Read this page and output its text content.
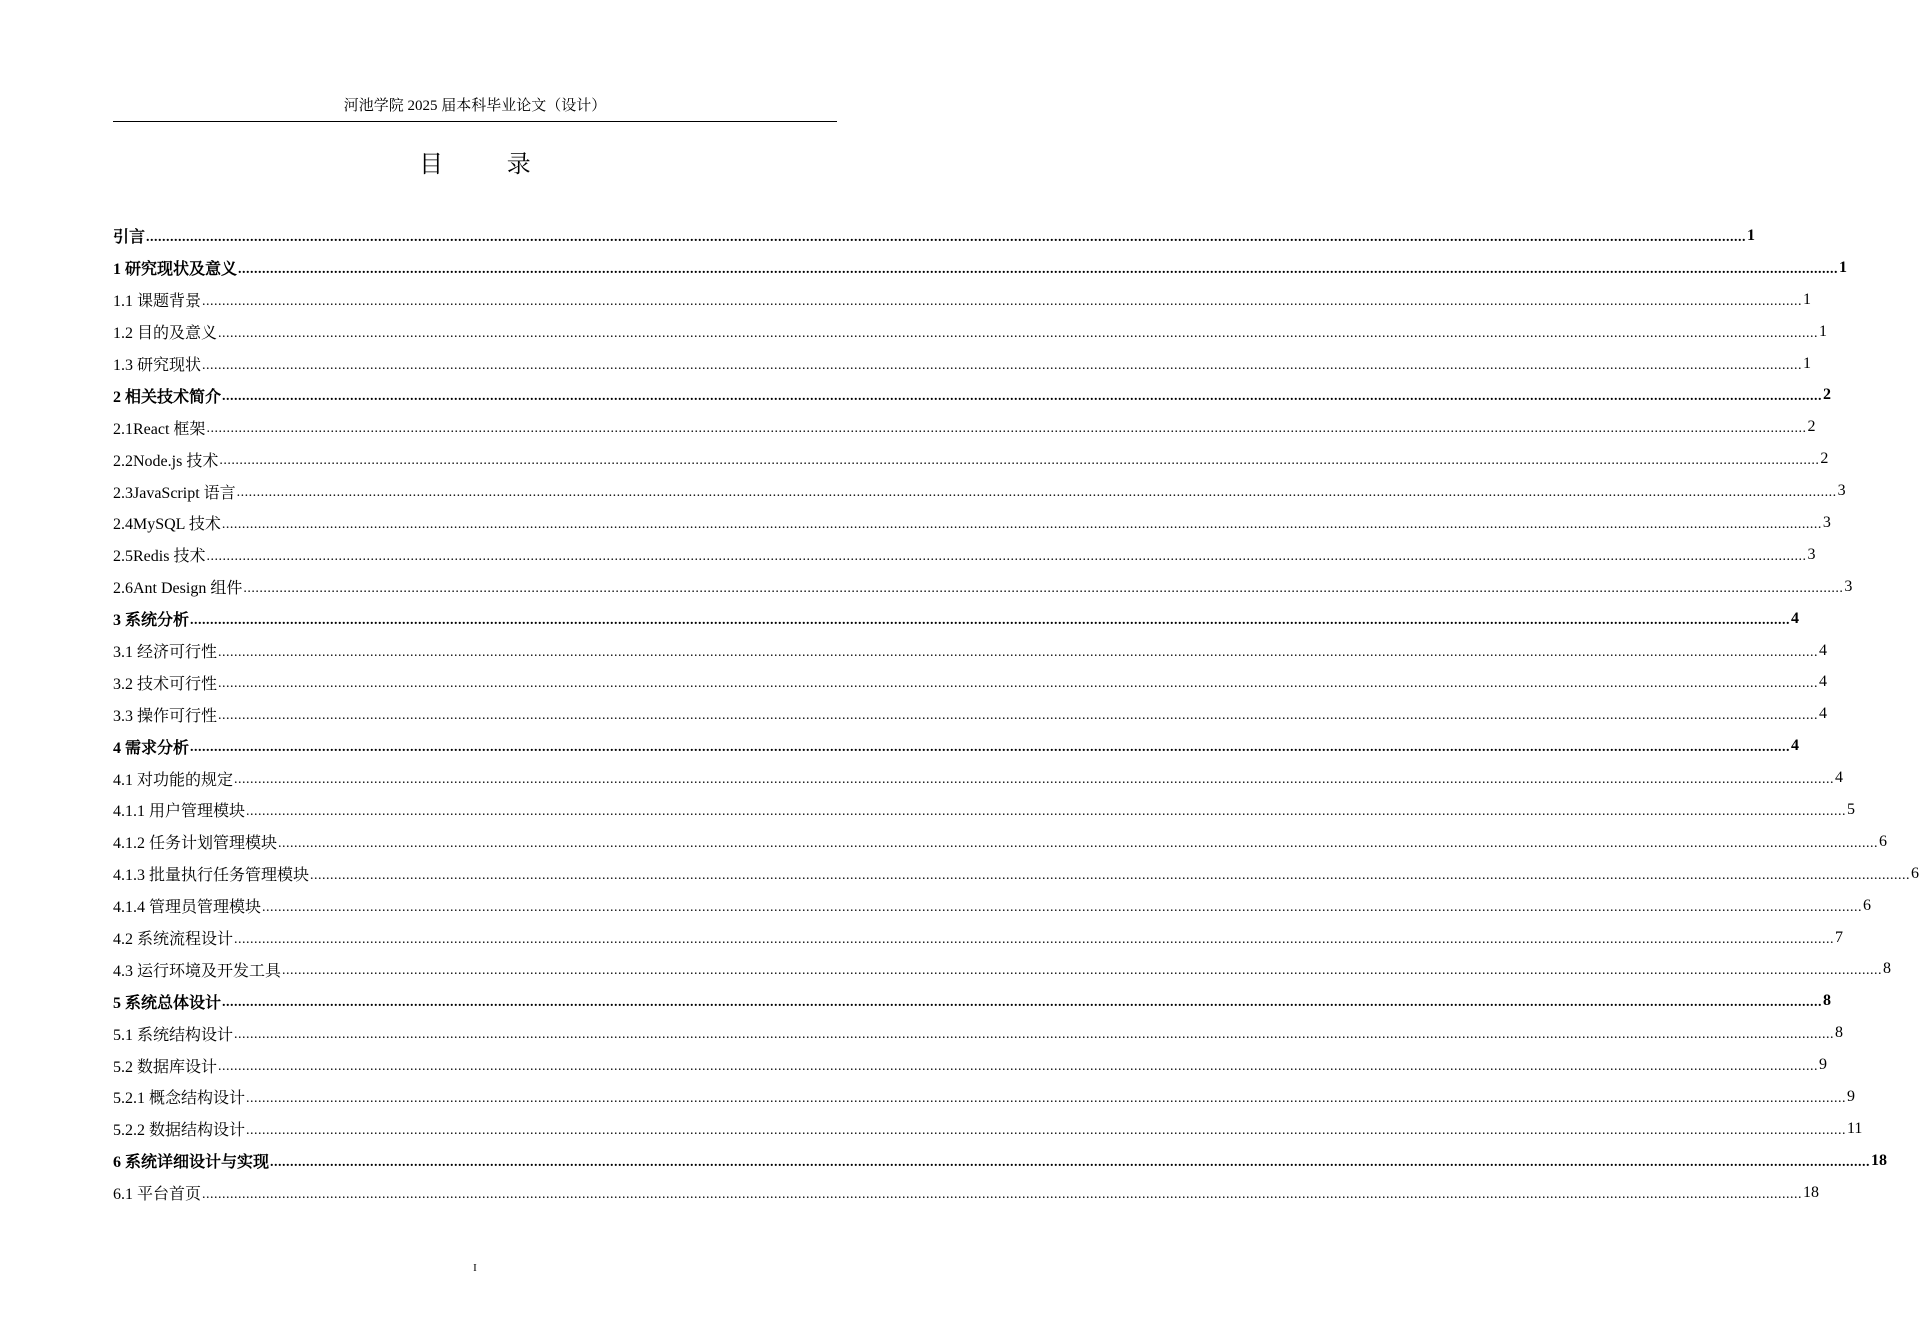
河池学院 2025 届本科毕业论文（设计）
目 录
引言 ................................................................................................................................................................................................................................................................................................................................................................................................................ 1
1 研究现状及意义 ................................................................................................................................................................................................................................................................................................................................................................................................................ 1
1.1 课题背景 ................................................................................................................................................................................................................................................................................................................................................................................................................ 1
1.2 目的及意义 ................................................................................................................................................................................................................................................................................................................................................................................................................ 1
1.3 研究现状 ................................................................................................................................................................................................................................................................................................................................................................................................................ 1
2 相关技术简介 ................................................................................................................................................................................................................................................................................................................................................................................................................ 2
2.1React 框架 ................................................................................................................................................................................................................................................................................................................................................................................................................ 2
2.2Node.js 技术 ................................................................................................................................................................................................................................................................................................................................................................................................................ 2
2.3JavaScript 语言 ................................................................................................................................................................................................................................................................................................................................................................................................................ 3
2.4MySQL 技术 ................................................................................................................................................................................................................................................................................................................................................................................................................ 3
2.5Redis 技术 ................................................................................................................................................................................................................................................................................................................................................................................................................ 3
2.6Ant Design 组件 ................................................................................................................................................................................................................................................................................................................................................................................................................ 3
3 系统分析 ................................................................................................................................................................................................................................................................................................................................................................................................................ 4
3.1 经济可行性 ................................................................................................................................................................................................................................................................................................................................................................................................................ 4
3.2 技术可行性 ................................................................................................................................................................................................................................................................................................................................................................................................................ 4
3.3 操作可行性 ................................................................................................................................................................................................................................................................................................................................................................................................................ 4
4 需求分析 ................................................................................................................................................................................................................................................................................................................................................................................................................ 4
4.1 对功能的规定 ................................................................................................................................................................................................................................................................................................................................................................................................................ 4
4.1.1 用户管理模块 ................................................................................................................................................................................................................................................................................................................................................................................................................ 5
4.1.2 任务计划管理模块 ................................................................................................................................................................................................................................................................................................................................................................................................................ 6
4.1.3 批量执行任务管理模块 ................................................................................................................................................................................................................................................................................................................................................................................................................ 6
4.1.4 管理员管理模块 ................................................................................................................................................................................................................................................................................................................................................................................................................ 6
4.2 系统流程设计 ................................................................................................................................................................................................................................................................................................................................................................................................................ 7
4.3 运行环境及开发工具 ................................................................................................................................................................................................................................................................................................................................................................................................................ 8
5 系统总体设计 ................................................................................................................................................................................................................................................................................................................................................................................................................ 8
5.1 系统结构设计 ................................................................................................................................................................................................................................................................................................................................................................................................................ 8
5.2 数据库设计 ................................................................................................................................................................................................................................................................................................................................................................................................................ 9
5.2.1 概念结构设计 ................................................................................................................................................................................................................................................................................................................................................................................................................ 9
5.2.2 数据结构设计 ................................................................................................................................................................................................................................................................................................................................................................................................................ 11
6 系统详细设计与实现 ................................................................................................................................................................................................................................................................................................................................................................................................................ 18
6.1 平台首页 ................................................................................................................................................................................................................................................................................................................................................................................................................ 18
I
